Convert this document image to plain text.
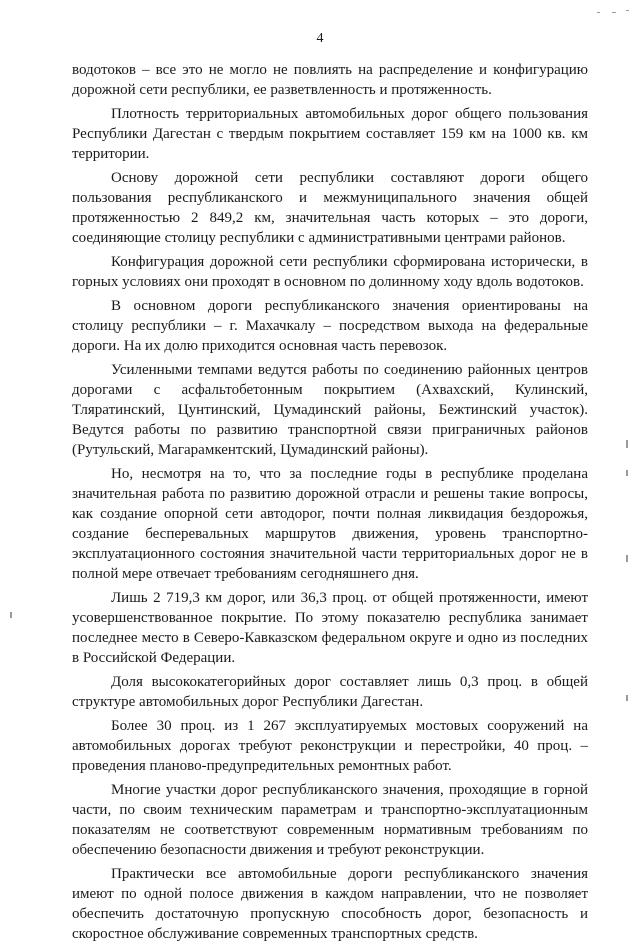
4

водотоков – все это не могло не повлиять на распределение и конфигурацию дорожной сети республики, ее разветвленность и протяженность.

Плотность территориальных автомобильных дорог общего пользования Республики Дагестан с твердым покрытием составляет 159 км на 1000 кв. км территории.

Основу дорожной сети республики составляют дороги общего пользования республиканского и межмуниципального значения общей протяженностью 2 849,2 км, значительная часть которых – это дороги, соединяющие столицу республики с административными центрами районов.

Конфигурация дорожной сети республики сформирована исторически, в горных условиях они проходят в основном по долинному ходу вдоль водотоков.

В основном дороги республиканского значения ориентированы на столицу республики – г. Махачкалу – посредством выхода на федеральные дороги. На их долю приходится основная часть перевозок.

Усиленными темпами ведутся работы по соединению районных центров дорогами с асфальтобетонным покрытием (Ахвахский, Кулинский, Тляратинский, Цунтинский, Цумадинский районы, Бежтинский участок). Ведутся работы по развитию транспортной связи приграничных районов (Рутульский, Магарамкентский, Цумадинский районы).

Но, несмотря на то, что за последние годы в республике проделана значительная работа по развитию дорожной отрасли и решены такие вопросы, как создание опорной сети автодорог, почти полная ликвидация бездорожья, создание беспеpевальных маршрутов движения, уровень транспортно-эксплуатационного состояния значительной части территориальных дорог не в полной мере отвечает требованиям сегодняшнего дня.

Лишь 2 719,3 км дорог, или 36,3 проц. от общей протяженности, имеют усовершенствованное покрытие. По этому показателю республика занимает последнее место в Северо-Кавказском федеральном округе и одно из последних в Российской Федерации.

Доля высококатегорийных дорог составляет лишь 0,3 проц. в общей структуре автомобильных дорог Республики Дагестан.

Более 30 проц. из 1 267 эксплуатируемых мостовых сооружений на автомобильных дорогах требуют реконструкции и перестройки, 40 проц. – проведения планово-предупредительных ремонтных работ.

Многие участки дорог республиканского значения, проходящие в горной части, по своим техническим параметрам и транспортно-эксплуатационным показателям не соответствуют современным нормативным требованиям по обеспечению безопасности движения и требуют реконструкции.

Практически все автомобильные дороги республиканского значения имеют по одной полосе движения в каждом направлении, что не позволяет обеспечить достаточную пропускную способность дорог, безопасность и скоростное обслуживание современных транспортных средств.
